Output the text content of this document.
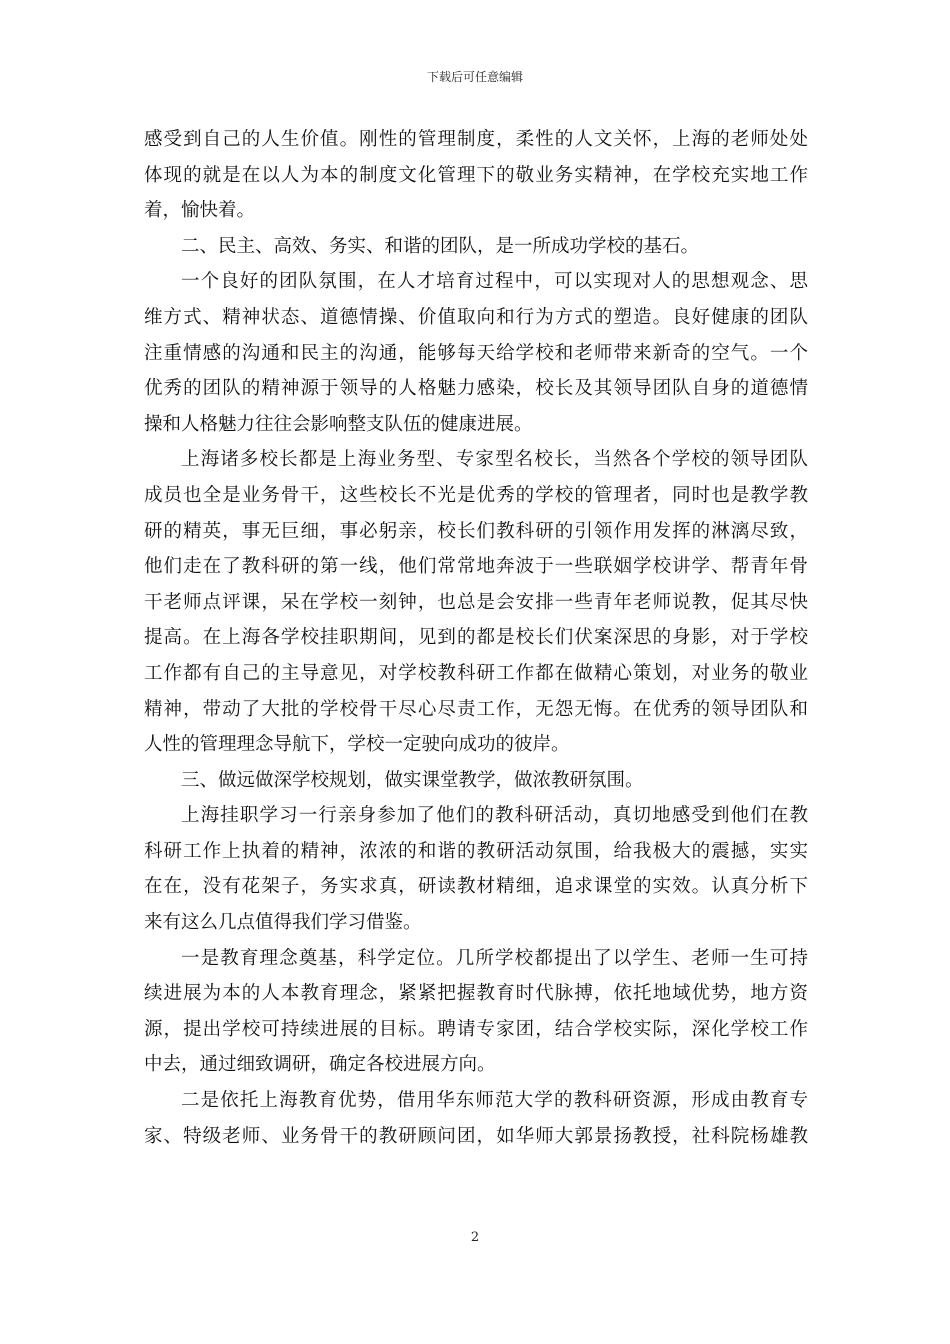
下载后可任意编辑
感受到自己的人生价值。刚性的管理制度，柔性的人文关怀，上海的老师处处
体现的就是在以人为本的制度文化管理下的敬业务实精神，在学校充实地工作
着，愉快着。
二、民主、高效、务实、和谐的团队，是一所成功学校的基石。
一个良好的团队氛围，在人才培育过程中，可以实现对人的思想观念、思
维方式、精神状态、道德情操、价值取向和行为方式的塑造。良好健康的团队
注重情感的沟通和民主的沟通，能够每天给学校和老师带来新奇的空气。一个
优秀的团队的精神源于领导的人格魅力感染，校长及其领导团队自身的道德情
操和人格魅力往往会影响整支队伍的健康进展。
上海诸多校长都是上海业务型、专家型名校长，当然各个学校的领导团队
成员也全是业务骨干，这些校长不光是优秀的学校的管理者，同时也是教学教
研的精英，事无巨细，事必躬亲，校长们教科研的引领作用发挥的淋漓尽致，
他们走在了教科研的第一线，他们常常地奔波于一些联姻学校讲学、帮青年骨
干老师点评课，呆在学校一刻钟，也总是会安排一些青年老师说教，促其尽快
提高。在上海各学校挂职期间，见到的都是校长们伏案深思的身影，对于学校
工作都有自己的主导意见，对学校教科研工作都在做精心策划，对业务的敬业
精神，带动了大批的学校骨干尽心尽责工作，无怨无悔。在优秀的领导团队和
人性的管理理念导航下，学校一定驶向成功的彼岸。
三、做远做深学校规划，做实课堂教学，做浓教研氛围。
上海挂职学习一行亲身参加了他们的教科研活动，真切地感受到他们在教
科研工作上执着的精神，浓浓的和谐的教研活动氛围，给我极大的震撼，实实
在在，没有花架子，务实求真，研读教材精细，追求课堂的实效。认真分析下
来有这么几点值得我们学习借鉴。
一是教育理念奠基，科学定位。几所学校都提出了以学生、老师一生可持
续进展为本的人本教育理念，紧紧把握教育时代脉搏，依托地域优势，地方资
源，提出学校可持续进展的目标。聘请专家团，结合学校实际，深化学校工作
中去，通过细致调研，确定各校进展方向。
二是依托上海教育优势，借用华东师范大学的教科研资源，形成由教育专
家、特级老师、业务骨干的教研顾问团，如华师大郭景扬教授，社科院杨雄教
2
